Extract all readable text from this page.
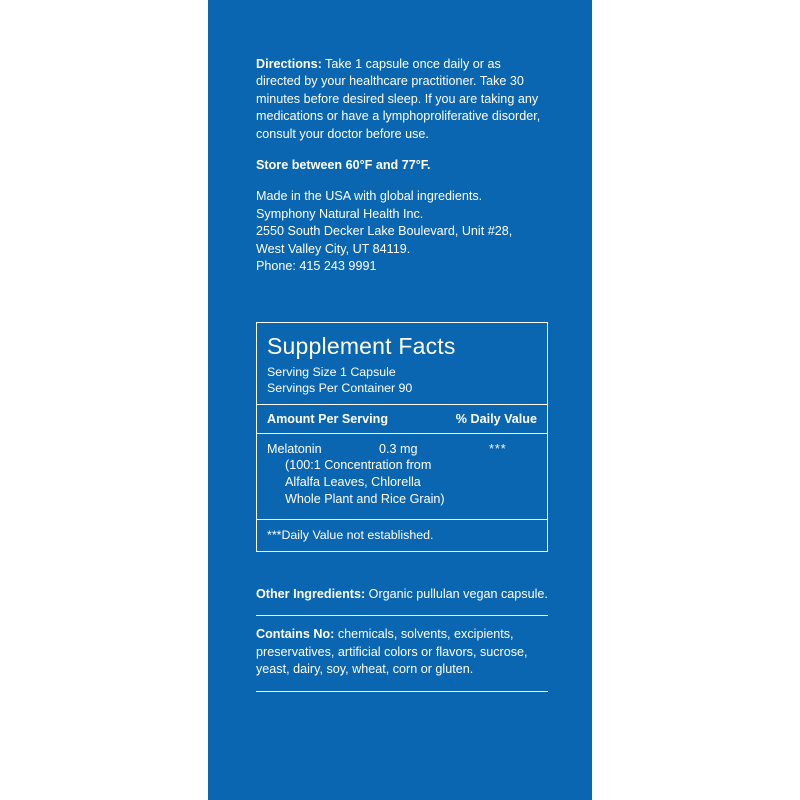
Directions: Take 1 capsule once daily or as directed by your healthcare practitioner. Take 30 minutes before desired sleep. If you are taking any medications or have a lymphoproliferative disorder, consult your doctor before use.

Store between 60°F and 77°F.

Made in the USA with global ingredients.

Symphony Natural Health Inc.

2550 South Decker Lake Boulevard, Unit #28,

West Valley City, UT 84119.

Phone: 415 243 9991

Supplement Facts
Serving Size 1 Capsule
Servings Per Container 90
Amount Per Serving	% Daily Value
Melatonin	0.3 mg	***
(100:1 Concentration from
Alfalfa Leaves, Chlorella
Whole Plant and Rice Grain)
***Daily Value not established.

Other Ingredients: Organic pullulan vegan capsule.

Contains No: chemicals, solvents, excipients, preservatives, artificial colors or flavors, sucrose, yeast, dairy, soy, wheat, corn or gluten.
